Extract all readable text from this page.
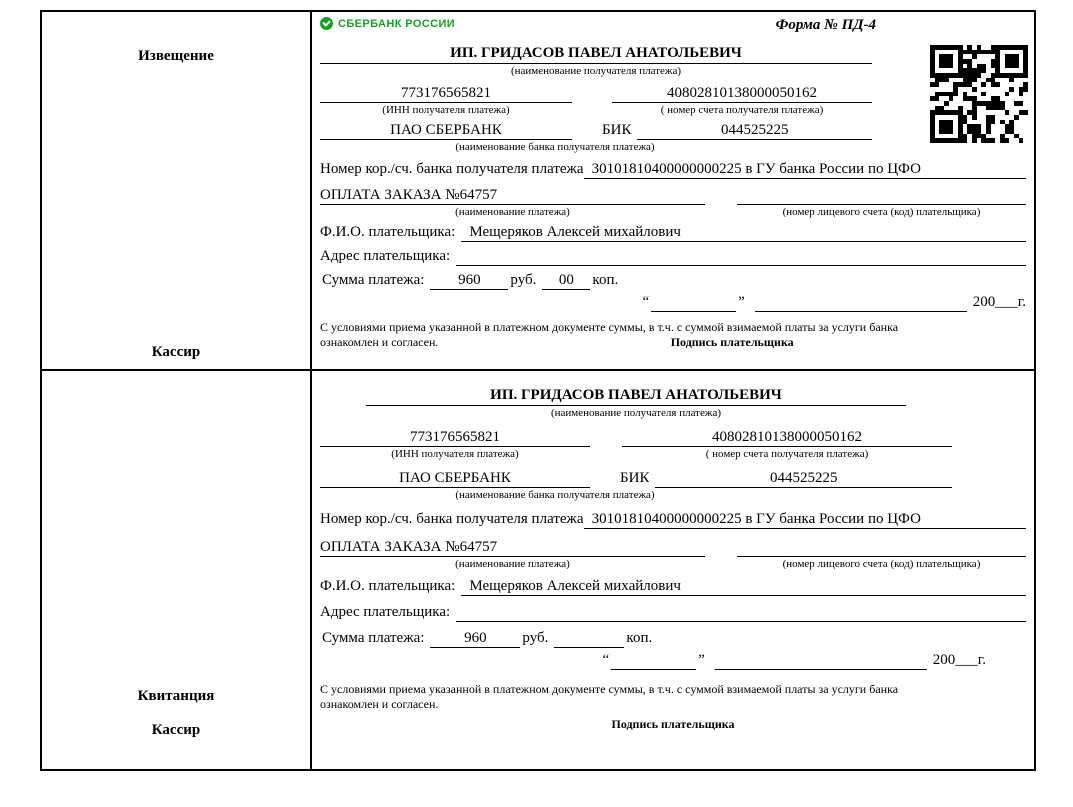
Извещение
Кассир
СБЕРБАНК РОССИИ	Форма № ПД-4
ИП. ГРИДАСОВ ПАВЕЛ АНАТОЛЬЕВИЧ
(наименование получателя платежа)
773176565821	40802810138000050162
(ИНН получателя платежа)	( номер счета получателя платежа)
ПАО СБЕРБАНК	БИК	044525225
(наименование банка получателя платежа)
Номер кор./сч. банка получателя платежа 30101810400000000225 в ГУ банка России по ЦФО
ОПЛАТА ЗАКАЗА №64757
(наименование платежа)	(номер лицевого счета (код) плательщика)
Ф.И.О. плательщика: Мещеряков Алексей михайлович
Адрес плательщика:
Сумма платежа:	960	руб.	00	коп.
“	”	200___г.
С условиями приема указанной в платежном документе суммы, в т.ч. с суммой взимаемой платы за услуги банка
ознакомлен и согласен.	Подпись плательщика
Квитанция
Кассир
ИП. ГРИДАСОВ ПАВЕЛ АНАТОЛЬЕВИЧ
(наименование получателя платежа)
773176565821	40802810138000050162
(ИНН получателя платежа)	( номер счета получателя платежа)
ПАО СБЕРБАНК	БИК	044525225
(наименование банка получателя платежа)
Номер кор./сч. банка получателя платежа 30101810400000000225 в ГУ банка России по ЦФО
ОПЛАТА ЗАКАЗА №64757
(наименование платежа)	(номер лицевого счета (код) плательщика)
Ф.И.О. плательщика: Мещеряков Алексей михайлович
Адрес плательщика:
Сумма платежа:	960	руб.	коп.
“	”	200___г.
С условиями приема указанной в платежном документе суммы, в т.ч. с суммой взимаемой платы за услуги банка
ознакомлен и согласен.
Подпись плательщика
